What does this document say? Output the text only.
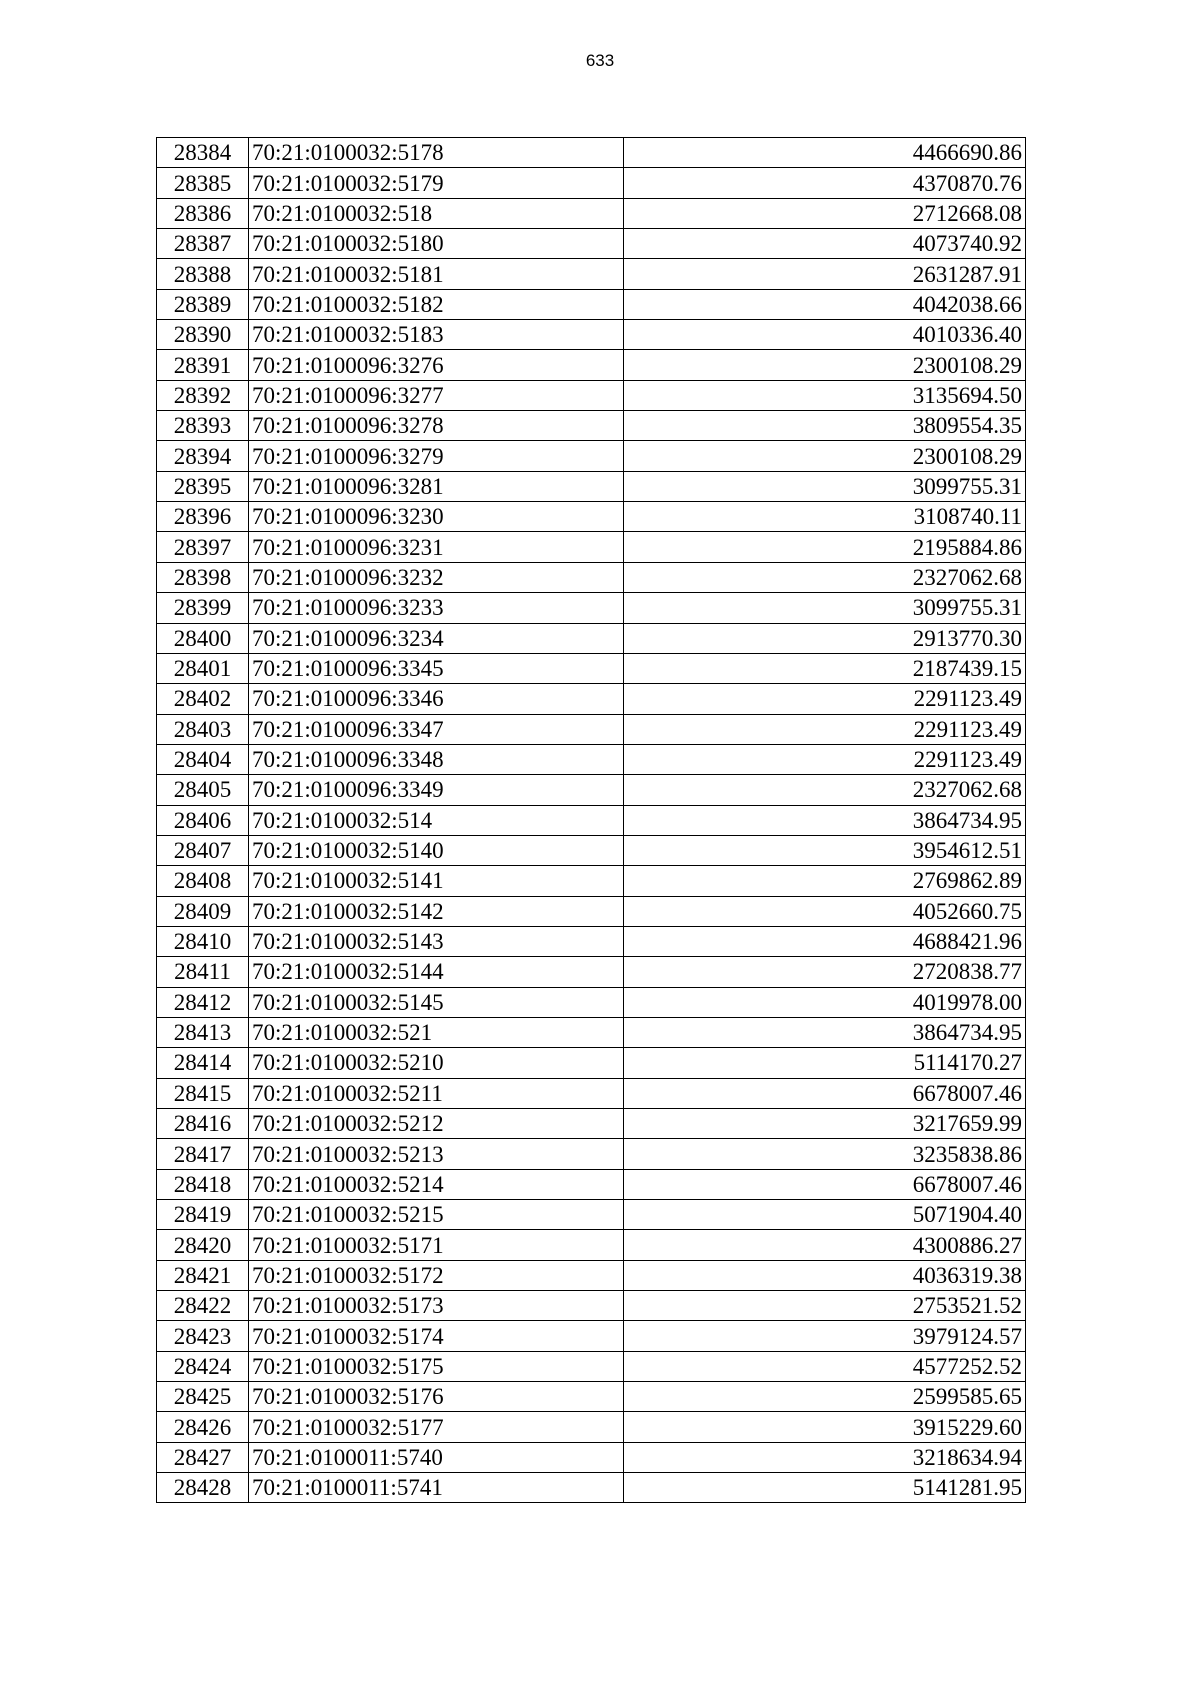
633
28384	70:21:0100032:5178	4466690.86
28385	70:21:0100032:5179	4370870.76
28386	70:21:0100032:518	2712668.08
28387	70:21:0100032:5180	4073740.92
28388	70:21:0100032:5181	2631287.91
28389	70:21:0100032:5182	4042038.66
28390	70:21:0100032:5183	4010336.40
28391	70:21:0100096:3276	2300108.29
28392	70:21:0100096:3277	3135694.50
28393	70:21:0100096:3278	3809554.35
28394	70:21:0100096:3279	2300108.29
28395	70:21:0100096:3281	3099755.31
28396	70:21:0100096:3230	3108740.11
28397	70:21:0100096:3231	2195884.86
28398	70:21:0100096:3232	2327062.68
28399	70:21:0100096:3233	3099755.31
28400	70:21:0100096:3234	2913770.30
28401	70:21:0100096:3345	2187439.15
28402	70:21:0100096:3346	2291123.49
28403	70:21:0100096:3347	2291123.49
28404	70:21:0100096:3348	2291123.49
28405	70:21:0100096:3349	2327062.68
28406	70:21:0100032:514	3864734.95
28407	70:21:0100032:5140	3954612.51
28408	70:21:0100032:5141	2769862.89
28409	70:21:0100032:5142	4052660.75
28410	70:21:0100032:5143	4688421.96
28411	70:21:0100032:5144	2720838.77
28412	70:21:0100032:5145	4019978.00
28413	70:21:0100032:521	3864734.95
28414	70:21:0100032:5210	5114170.27
28415	70:21:0100032:5211	6678007.46
28416	70:21:0100032:5212	3217659.99
28417	70:21:0100032:5213	3235838.86
28418	70:21:0100032:5214	6678007.46
28419	70:21:0100032:5215	5071904.40
28420	70:21:0100032:5171	4300886.27
28421	70:21:0100032:5172	4036319.38
28422	70:21:0100032:5173	2753521.52
28423	70:21:0100032:5174	3979124.57
28424	70:21:0100032:5175	4577252.52
28425	70:21:0100032:5176	2599585.65
28426	70:21:0100032:5177	3915229.60
28427	70:21:0100011:5740	3218634.94
28428	70:21:0100011:5741	5141281.95
